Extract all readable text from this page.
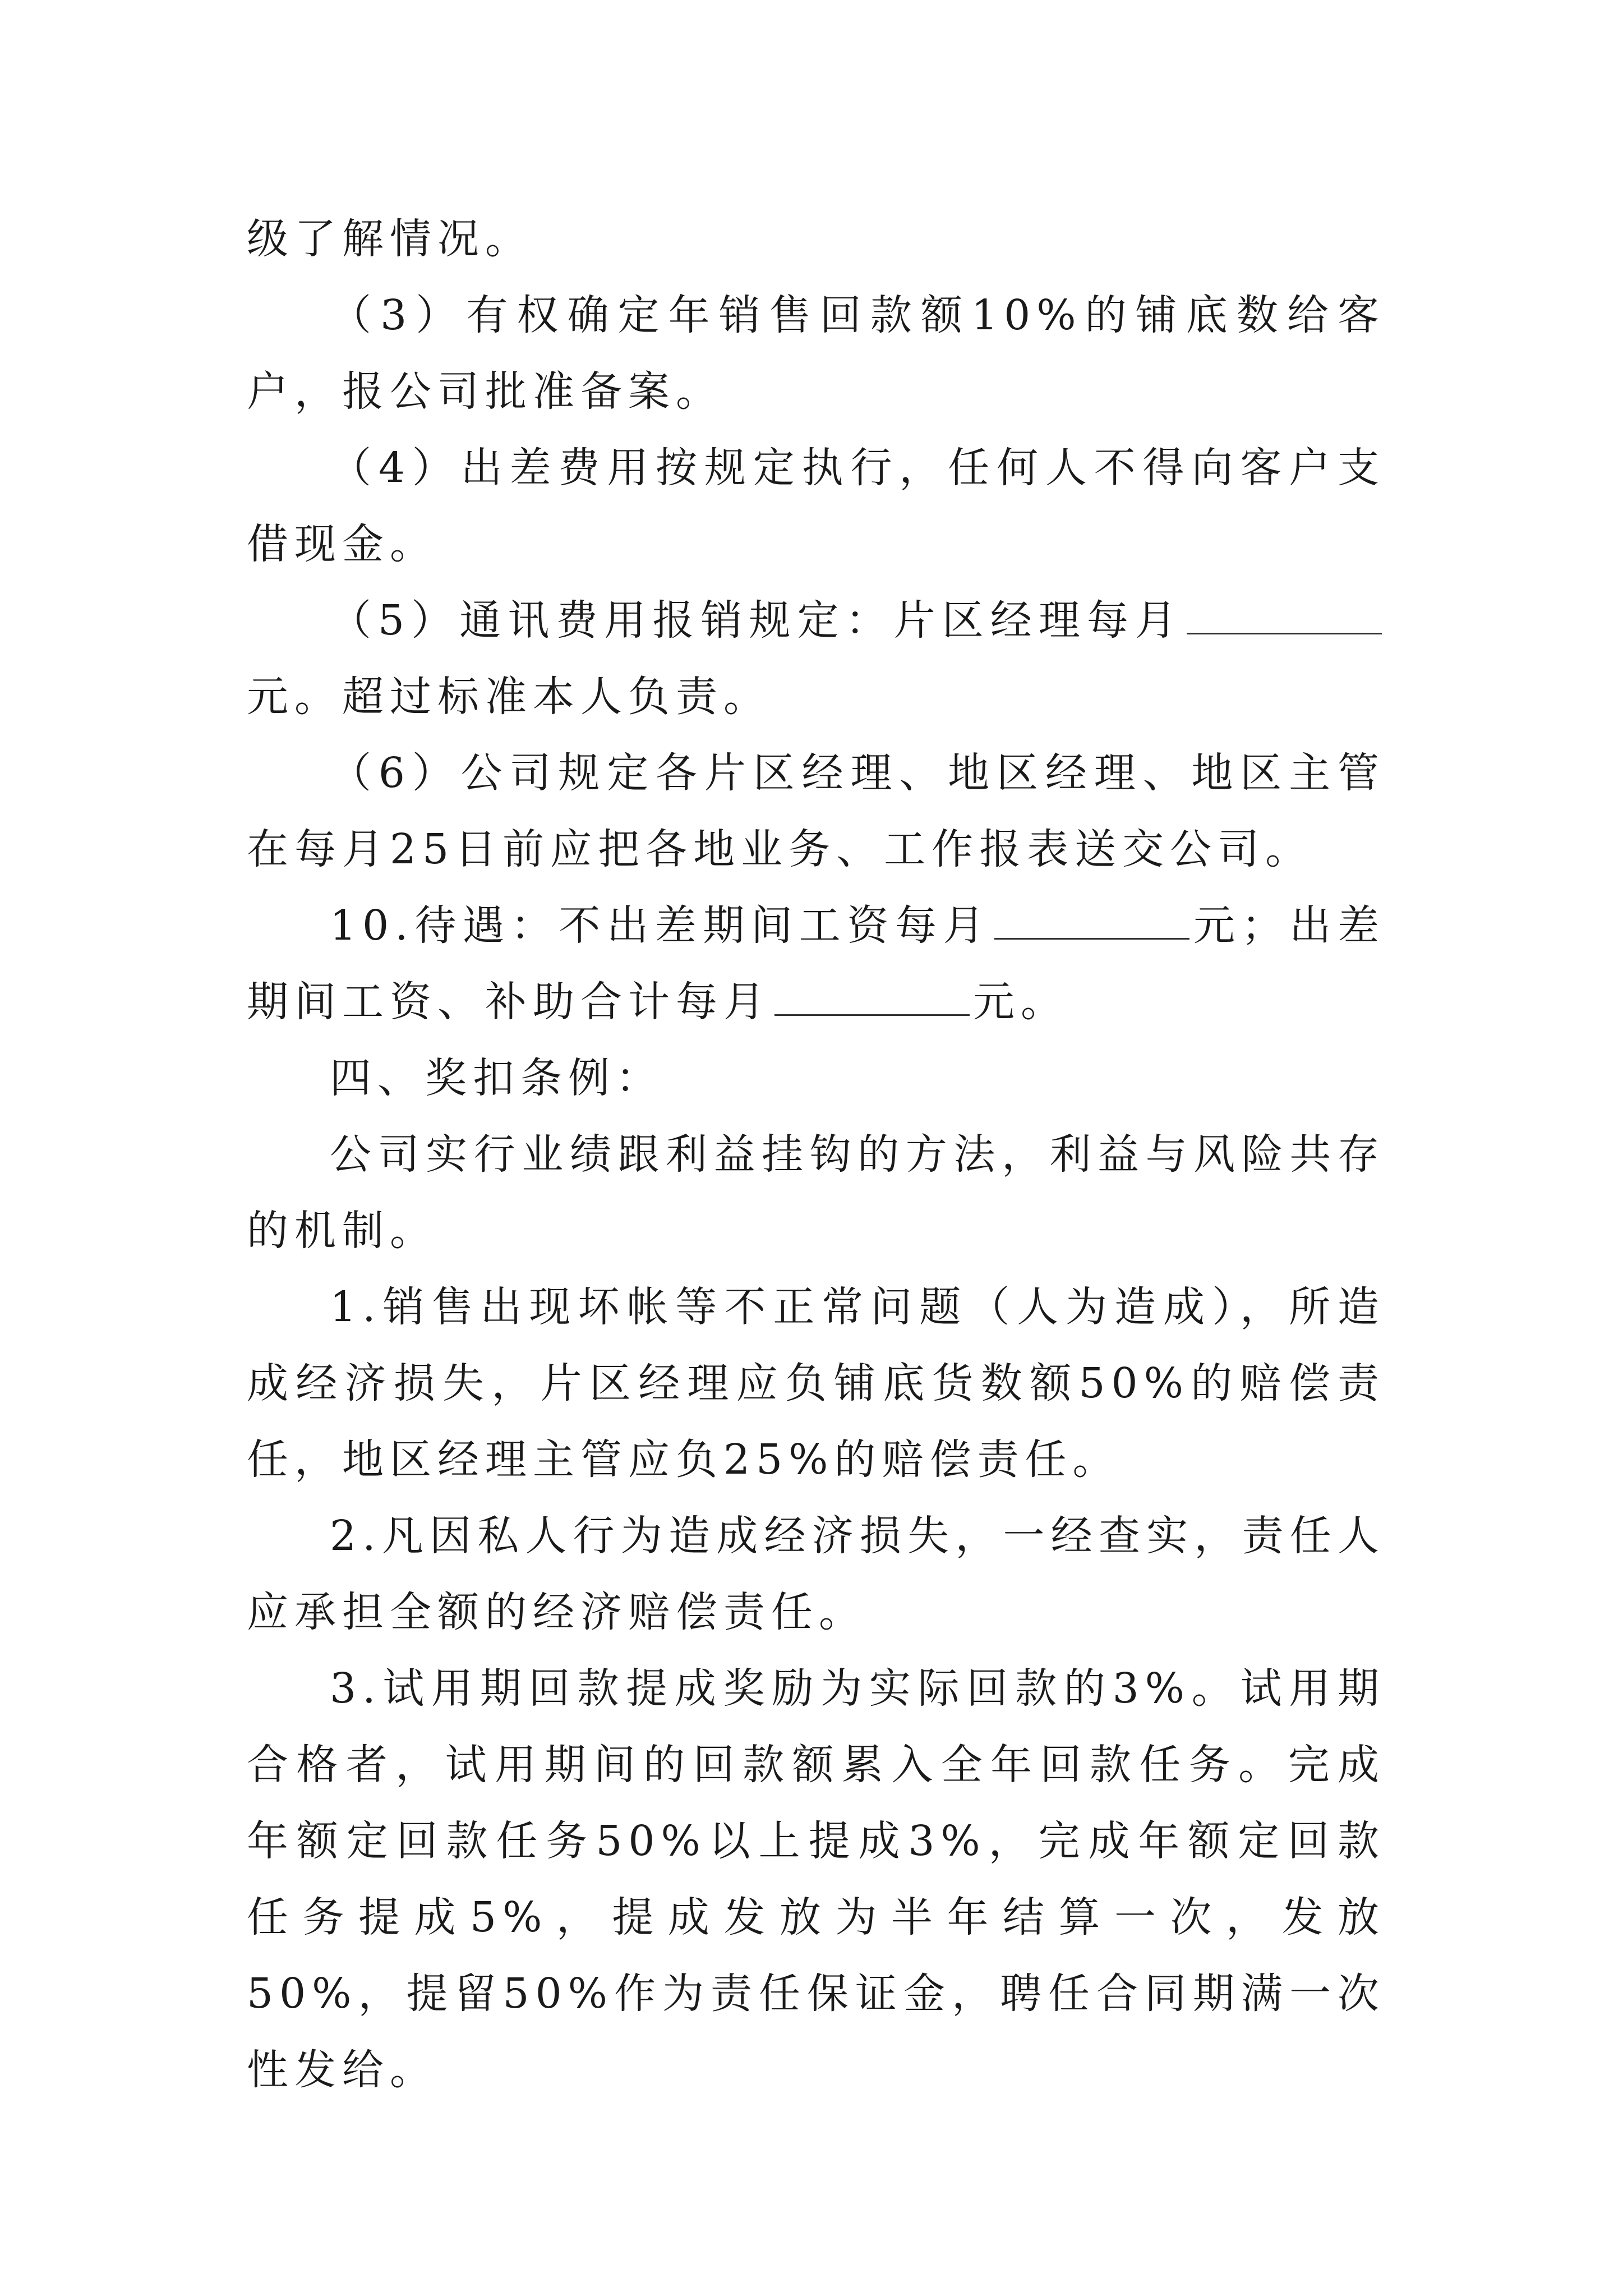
级了解情况。

（3）有权确定年销售回款额10%的铺底数给客户，报公司批准备案。

（4）出差费用按规定执行，任何人不得向客户支借现金。

（5）通讯费用报销规定：片区经理每月元。超过标准本人负责。

（6）公司规定各片区经理、地区经理、地区主管在每月25日前应把各地业务、工作报表送交公司。

10.待遇：不出差期间工资每月	元；出差期间工资、补助合计每月	元。

四、奖扣条例：

公司实行业绩跟利益挂钩的方法，利益与风险共存的机制。

1.销售出现坏帐等不正常问题（人为造成），所造成经济损失，片区经理应负铺底货数额50%的赔偿责任，地区经理主管应负25%的赔偿责任。

2.凡因私人行为造成经济损失，一经查实，责任人应承担全额的经济赔偿责任。

3.试用期回款提成奖励为实际回款的3%。试用期合格者，试用期间的回款额累入全年回款任务。完成年额定回款任务50%以上提成3%，完成年额定回款任务提成5%，提成发放为半年结算一次，发放50%，提留50%作为责任保证金，聘任合同期满一次性发给。
